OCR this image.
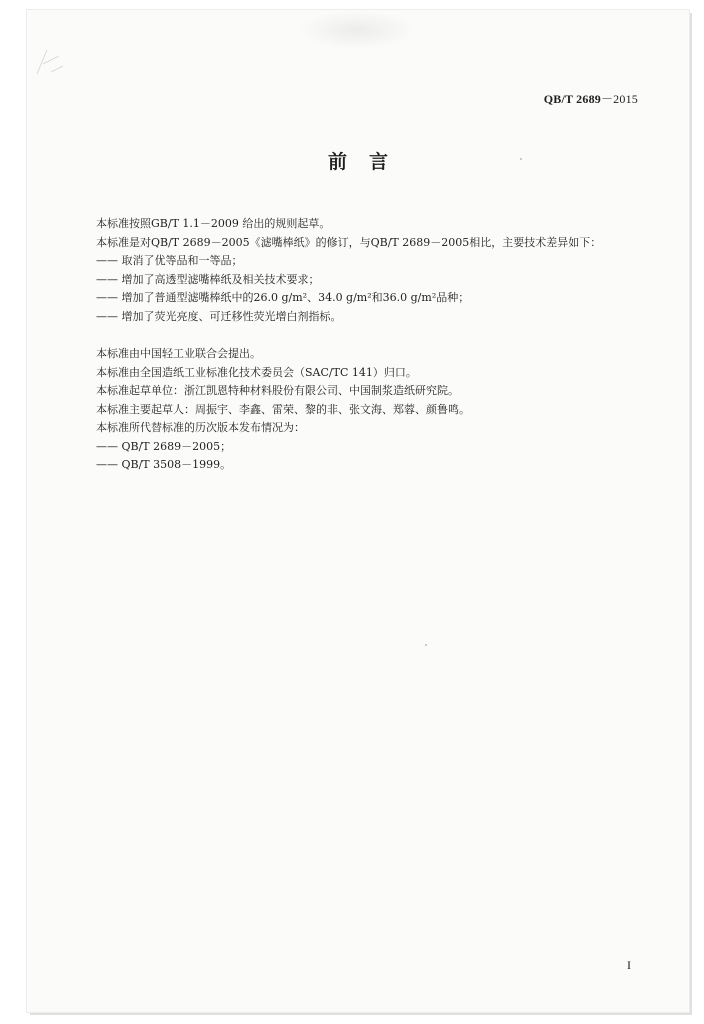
QB/T 2689－2015
前言
本标准按照GB/T 1.1－2009 给出的规则起草。
本标准是对QB/T 2689－2005《滤嘴棒纸》的修订，与QB/T 2689－2005相比，主要技术差异如下：
—— 取消了优等品和一等品；
—— 增加了高透型滤嘴棒纸及相关技术要求；
—— 增加了普通型滤嘴棒纸中的26.0 g/m²、34.0 g/m²和36.0 g/m²品种；
—— 增加了荧光亮度、可迁移性荧光增白剂指标。
本标准由中国轻工业联合会提出。
本标准由全国造纸工业标准化技术委员会（SAC/TC 141）归口。
本标准起草单位：浙江凯恩特种材料股份有限公司、中国制浆造纸研究院。
本标准主要起草人：周振宇、李鑫、雷荣、黎的非、张文海、郑蓉、颜鲁鸣。
本标准所代替标准的历次版本发布情况为：
—— QB/T 2689－2005；
—— QB/T 3508－1999。
I
